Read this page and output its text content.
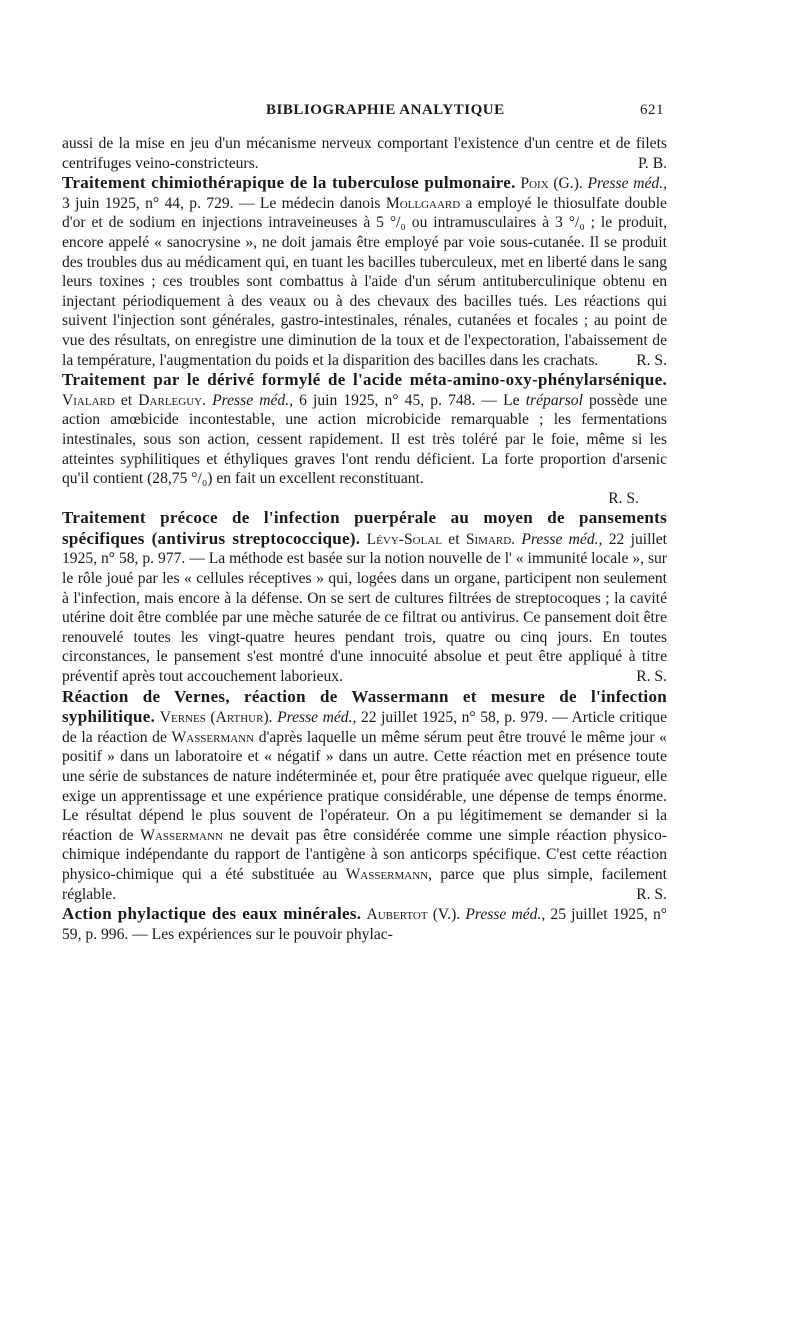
BIBLIOGRAPHIE ANALYTIQUE	621

aussi de la mise en jeu d'un mécanisme nerveux comportant l'existence d'un centre et de filets centrifuges veino-constricteurs.	P. B.

Traitement chimiothérapique de la tuberculose pulmonaire. Poix (G.). Presse méd., 3 juin 1925, n° 44, p. 729. — Le médecin danois Mollgaard a employé le thiosulfate double d'or et de sodium en injections intraveineuses à 5 °/₀ ou intramusculaires à 3 °/₀ ; le produit, encore appelé « sanocrysine », ne doit jamais être employé par voie sous-cutanée. Il se produit des troubles dus au médicament qui, en tuant les bacilles tuberculeux, met en liberté dans le sang leurs toxines ; ces troubles sont combattus à l'aide d'un sérum antituberculinique obtenu en injectant périodiquement à des veaux ou à des chevaux des bacilles tués. Les réactions qui suivent l'injection sont générales, gastro-intestinales, rénales, cutanées et focales ; au point de vue des résultats, on enregistre une diminution de la toux et de l'expectoration, l'abaissement de la température, l'augmentation du poids et la disparition des bacilles dans les crachats. R. S.

Traitement par le dérivé formylé de l'acide méta-amino-oxy-phénylarsénique. Vialard et Darleguy. Presse méd., 6 juin 1925, n° 45, p. 748. — Le tréparsol possède une action amœbicide incontestable, une action microbicide remarquable ; les fermentations intestinales, sous son action, cessent rapidement. Il est très toléré par le foie, même si les atteintes syphilitiques et éthyliques graves l'ont rendu déficient. La forte proportion d'arsenic qu'il contient (28,75 °/₀) en fait un excellent reconstituant.

R. S.

Traitement précoce de l'infection puerpérale au moyen de pansements spécifiques (antivirus streptococcique). Lévy-Solal et Simard. Presse méd., 22 juillet 1925, n° 58, p. 977. — La méthode est basée sur la notion nouvelle de l' « immunité locale », sur le rôle joué par les « cellules réceptives » qui, logées dans un organe, participent non seulement à l'infection, mais encore à la défense. On se sert de cultures filtrées de streptocoques ; la cavité utérine doit être comblée par une mèche saturée de ce filtrat ou antivirus. Ce pansement doit être renouvelé toutes les vingt-quatre heures pendant trois, quatre ou cinq jours. En toutes circonstances, le pansement s'est montré d'une innocuité absolue et peut être appliqué à titre préventif après tout accouchement laborieux.	R. S.

Réaction de Vernes, réaction de Wassermann et mesure de l'infection syphilitique. Vernes (Arthur). Presse méd., 22 juillet 1925, n° 58, p. 979. — Article critique de la réaction de Wassermann d'après laquelle un même sérum peut être trouvé le même jour « positif » dans un laboratoire et « négatif » dans un autre. Cette réaction met en présence toute une série de substances de nature indéterminée et, pour être pratiquée avec quelque rigueur, elle exige un apprentissage et une expérience pratique considérable, une dépense de temps énorme. Le résultat dépend le plus souvent de l'opérateur. On a pu légitimement se demander si la réaction de Wassermann ne devait pas être considérée comme une simple réaction physico-chimique indépendante du rapport de l'antigène à son anticorps spécifique. C'est cette réaction physico-chimique qui a été substituée au Wassermann, parce que plus simple, facilement réglable.	R. S.

Action phylactique des eaux minérales. Aubertot (V.). Presse méd., 25 juillet 1925, n° 59, p. 996. — Les expériences sur le pouvoir phylac-
